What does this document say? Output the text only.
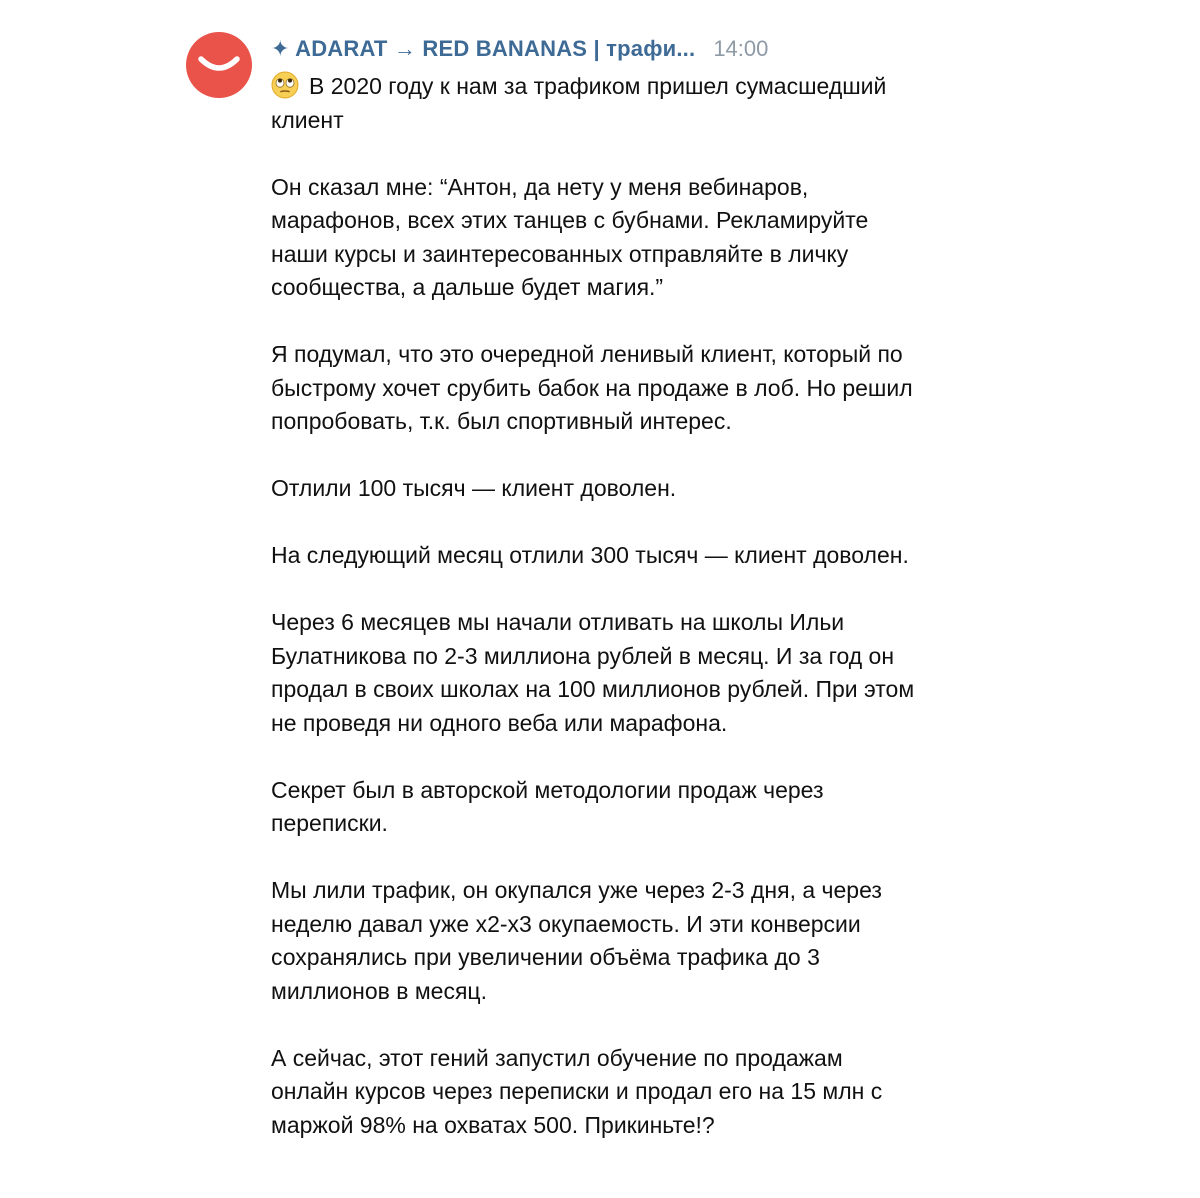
✦ ADARAT → RED BANANAS | трафи... 14:00

В 2020 году к нам за трафиком пришел сумасшедший
клиент

Он сказал мне: “Антон, да нету у меня вебинаров,
марафонов, всех этих танцев с бубнами. Рекламируйте
наши курсы и заинтересованных отправляйте в личку
сообщества, а дальше будет магия.”

Я подумал, что это очередной ленивый клиент, который по
быстрому хочет срубить бабок на продаже в лоб. Но решил
попробовать, т.к. был спортивный интерес.

Отлили 100 тысяч — клиент доволен.

На следующий месяц отлили 300 тысяч — клиент доволен.

Через 6 месяцев мы начали отливать на школы Ильи
Булатникова по 2-3 миллиона рублей в месяц. И за год он
продал в своих школах на 100 миллионов рублей. При этом
не проведя ни одного веба или марафона.

Секрет был в авторской методологии продаж через
переписки.

Мы лили трафик, он окупался уже через 2-3 дня, а через
неделю давал уже х2-х3 окупаемость. И эти конверсии
сохранялись при увеличении объёма трафика до 3
миллионов в месяц.

А сейчас, этот гений запустил обучение по продажам
онлайн курсов через переписки и продал его на 15 млн с
маржой 98% на охватах 500. Прикиньте!?
